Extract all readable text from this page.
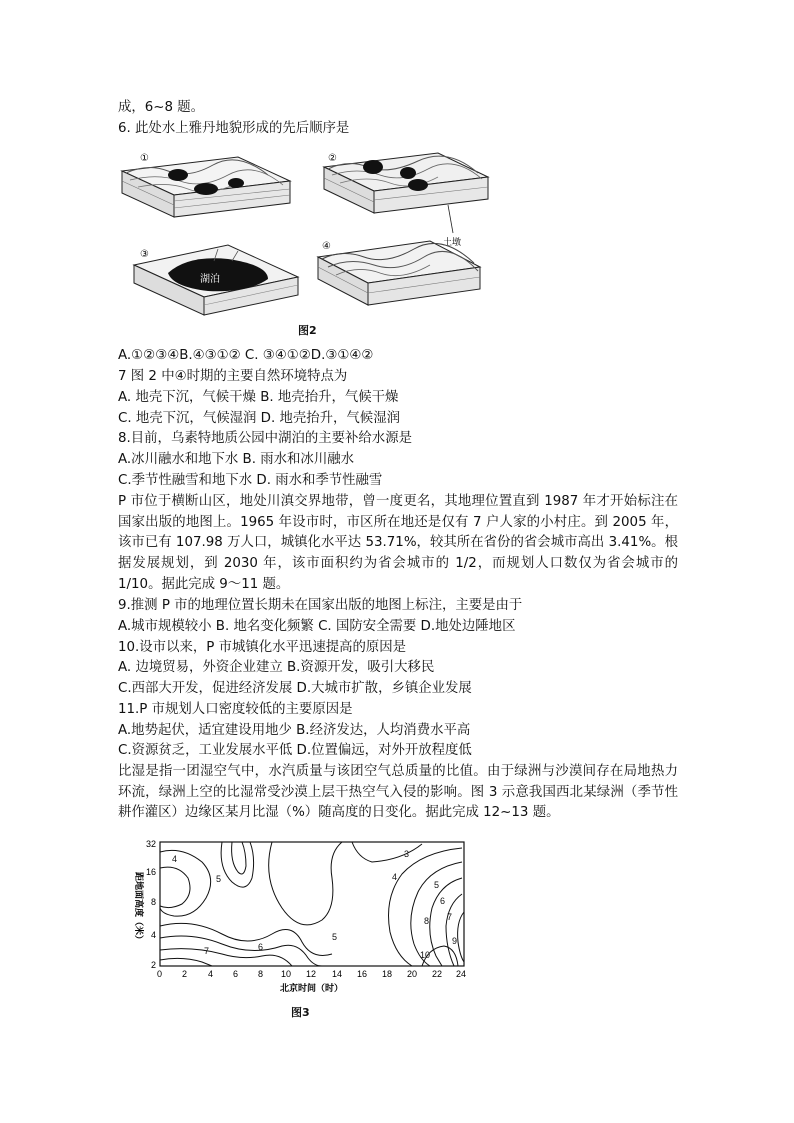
成，6~8 题。
6. 此处水上雅丹地貌形成的先后顺序是
①	②
土墩
③
湖泊
④
图2
A.①②③④B.④③①② C. ③④①②D.③①④②
7 图 2 中④时期的主要自然环境特点为
A. 地壳下沉，气候干燥 B. 地壳抬升，气候干燥
C. 地壳下沉，气候湿润 D. 地壳抬升，气候湿润
8.目前，乌素特地质公园中湖泊的主要补给水源是
A.冰川融水和地下水 B. 雨水和冰川融水
C.季节性融雪和地下水 D. 雨水和季节性融雪
P 市位于横断山区，地处川滇交界地带，曾一度更名，其地理位置直到 1987 年才开始标注在国家出版的地图上。1965 年设市时，市区所在地还是仅有 7 户人家的小村庄。到 2005 年，该市已有 107.98 万人口，城镇化水平达 53.71%，较其所在省份的省会城市高出 3.41%。根据发展规划，到 2030 年，该市面积约为省会城市的 1/2，而规划人口数仅为省会城市的 1/10。据此完成 9～11 题。
9.推测 P 市的地理位置长期未在国家出版的地图上标注，主要是由于
A.城市规模较小 B. 地名变化频繁 C. 国防安全需要 D.地处边陲地区
10.设市以来，P 市城镇化水平迅速提高的原因是
A. 边境贸易，外资企业建立 B.资源开发，吸引大移民
C.西部大开发，促进经济发展 D.大城市扩散，乡镇企业发展
11.P 市规划人口密度较低的主要原因是
A.地势起伏，适宜建设用地少 B.经济发达，人均消费水平高
C.资源贫乏，工业发展水平低 D.位置偏远，对外开放程度低
比湿是指一团湿空气中，水汽质量与该团空气总质量的比值。由于绿洲与沙漠间存在局地热力环流，绿洲上空的比湿常受沙漠上层干热空气入侵的影响。图 3 示意我国西北某绿洲（季节性耕作灌区）边缘区某月比湿（%）随高度的日变化。据此完成 12~13 题。
距地面高度（米）
32
16
8
4
2
3
4
4
5
5
5
6
6
7
7
8
9
10
0 2 4 6 8 10 12 14 16 18 20 22 24
北京时间（时）
图3
